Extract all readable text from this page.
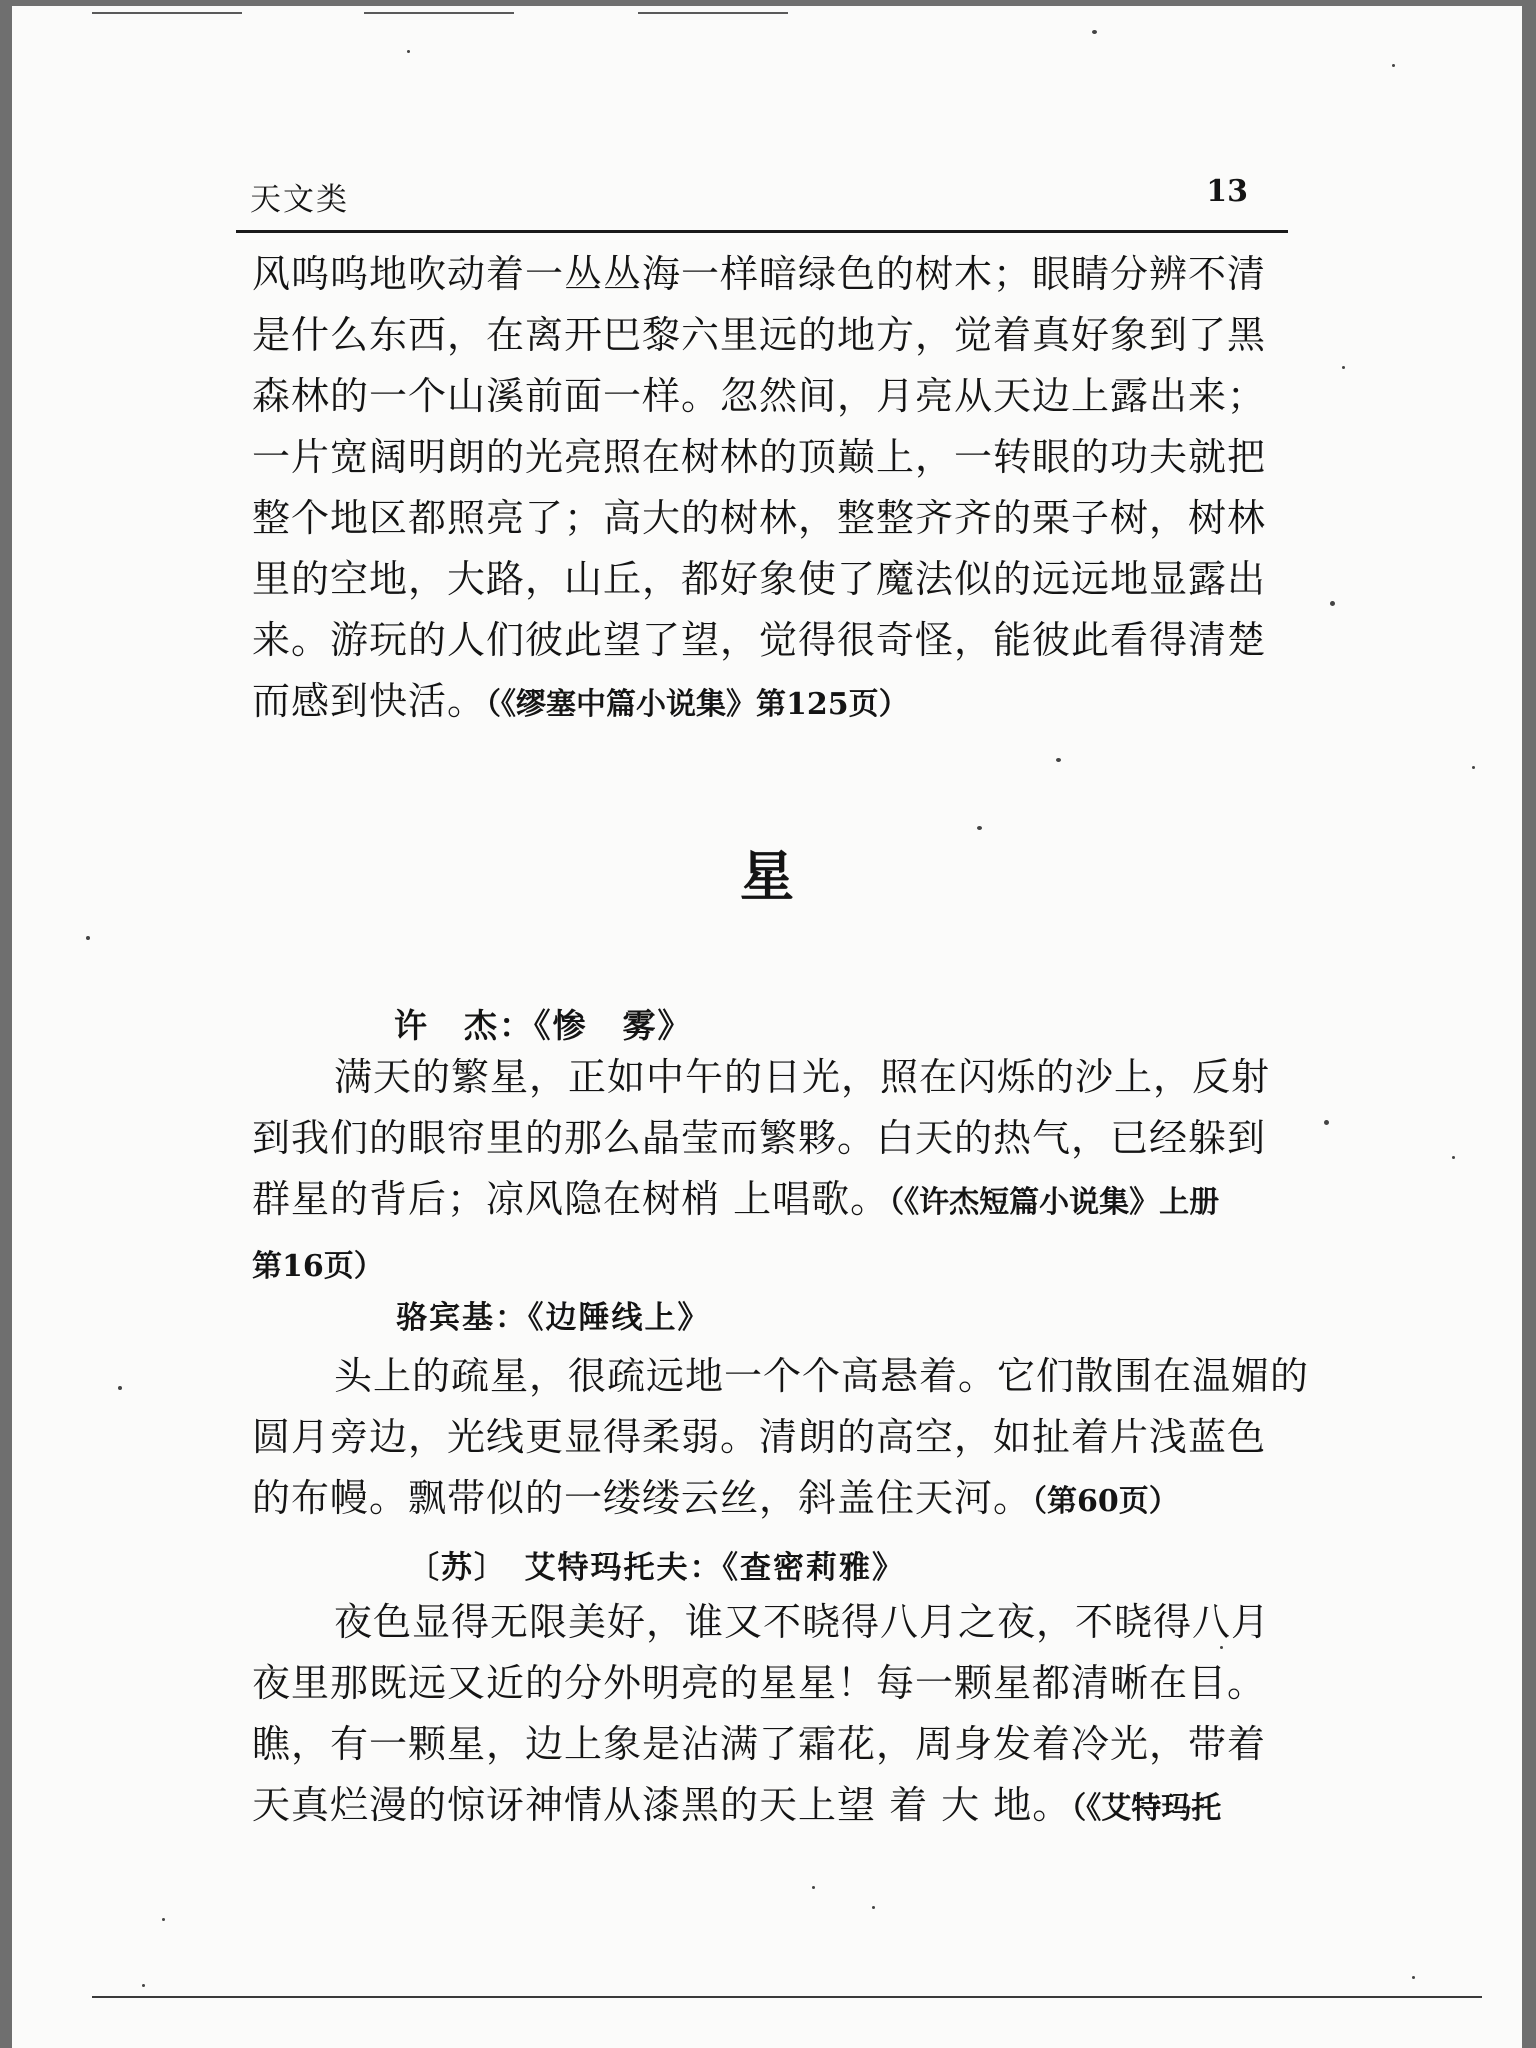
天文类	13
风呜呜地吹动着一丛丛海一样暗绿色的树木；眼睛分辨不清
是什么东西，在离开巴黎六里远的地方，觉着真好象到了黑
森林的一个山溪前面一样。忽然间，月亮从天边上露出来；
一片宽阔明朗的光亮照在树林的顶巅上，一转眼的功夫就把
整个地区都照亮了；高大的树林，整整齐齐的栗子树，树林
里的空地，大路，山丘，都好象使了魔法似的远远地显露出
来。游玩的人们彼此望了望，觉得很奇怪，能彼此看得清楚
而感到快活。（《缪塞中篇小说集》第125页）
星
许　杰：《惨　雾》
满天的繁星，正如中午的日光，照在闪烁的沙上，反射
到我们的眼帘里的那么晶莹而繁夥。白天的热气，已经躲到
群星的背后；凉风隐在树梢 上唱歌。（《许杰短篇小说集》上册
第16页）
骆宾基：《边陲线上》
头上的疏星，很疏远地一个个高悬着。它们散围在温媚的
圆月旁边，光线更显得柔弱。清朗的高空，如扯着片浅蓝色
的布幔。飘带似的一缕缕云丝，斜盖住天河。（第60页）
〔苏〕　艾特玛托夫：《查密莉雅》
夜色显得无限美好，谁又不晓得八月之夜，不晓得八月
夜里那既远又近的分外明亮的星星！每一颗星都清晰在目。
瞧，有一颗星，边上象是沾满了霜花，周身发着冷光，带着
天真烂漫的惊讶神情从漆黑的天上望 着 大 地。（《艾特玛托
